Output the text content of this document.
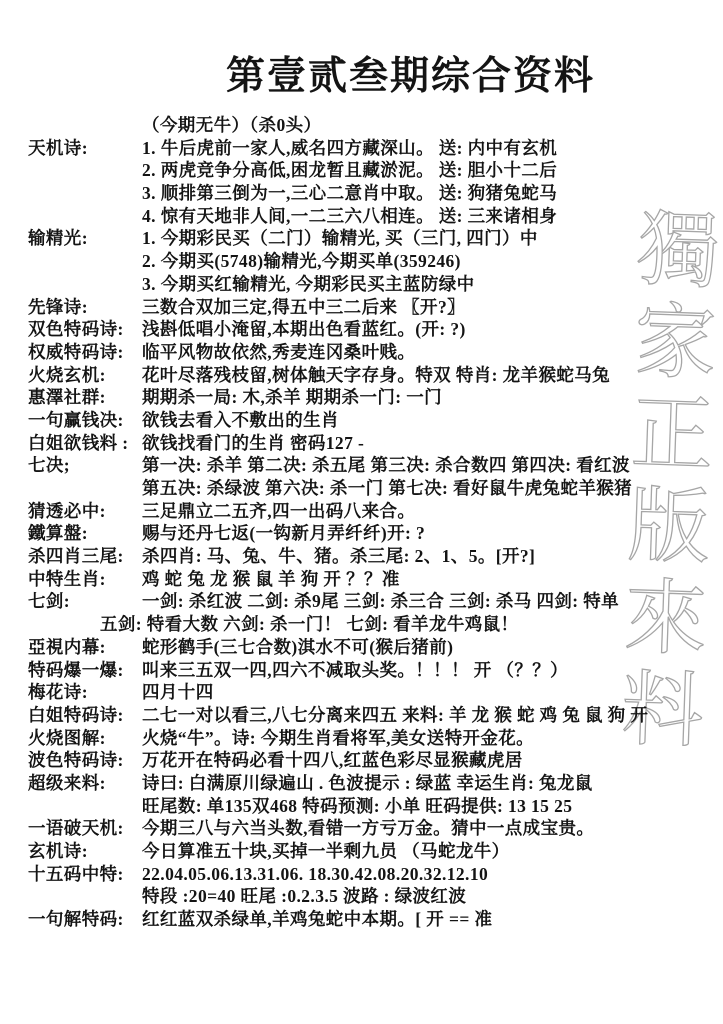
獨家正版來料
第壹贰叁期综合资料
（今期无牛）（杀0头）
天机诗:	1. 牛后虎前一家人,威名四方藏深山。 送: 内中有玄机
2. 两虎竞争分高低,困龙暂且藏淤泥。 送: 胆小十二后
3. 顺排第三倒为一,三心二意肖中取。 送: 狗猪兔蛇马
4. 惊有天地非人间,一二三六八相连。 送: 三来诸相身
输精光:	1. 今期彩民买（二门）输精光, 买（三门, 四门）中
2. 今期买(5748)输精光,今期买单(359246)
3. 今期买红输精光, 今期彩民买主蓝防绿中
先锋诗:	三数合双加三定,得五中三二后来 〖开?〗
双色特码诗:	浅斟低唱小淹留,本期出色看蓝红。(开: ?)
权威特码诗:	临平风物故依然,秀麦连冈桑叶贱。
火烧玄机:	花叶尽落残枝留,树体触天字存身。特双 特肖: 龙羊猴蛇马兔
惠澤社群:	期期杀一局: 木,杀羊 期期杀一门: 一门
一句赢钱决:	欲钱去看入不敷出的生肖
白姐欲钱料 : 欲钱找看门的生肖 密码127 -
七决;	第一决: 杀羊 第二决: 杀五尾 第三决: 杀合数四 第四决: 看红波
第五决: 杀绿波 第六决: 杀一门 第七决: 看好鼠牛虎兔蛇羊猴猪
猜透必中:	三足鼎立二五齐,四一出码八来合。
鐵算盤:	赐与还丹七返(一钩新月弄纤纤)开: ?
杀四肖三尾:	杀四肖: 马、兔、牛、猪。杀三尾: 2、1、5。[开?]
中特生肖:	鸡 蛇 兔 龙 猴 鼠 羊 狗 开 ？？准
七剑:	一剑: 杀红波 二剑: 杀9尾 三剑: 杀三合 三剑: 杀马 四剑: 特单
五剑: 特看大数 六剑: 杀一门！ 七剑: 看羊龙牛鸡鼠！
亞視内幕:	蛇形鹤手(三七合数)淇水不可(猴后猪前)
特码爆一爆:	叫来三五双一四,四六不减取头奖。！！！ 开 （？？）
梅花诗:	四月十四
白姐特码诗:	二七一对以看三,八七分离来四五 来料: 羊 龙 猴 蛇 鸡 兔 鼠 狗 开
火烧图解:	火烧“牛”。诗: 今期生肖看将军,美女送特开金花。
波色特码诗:	万花开在特码必看十四八,红蓝色彩尽显猴藏虎居
超级来料:	诗曰: 白满原川绿遍山 . 色波提示 : 绿蓝 幸运生肖: 兔龙鼠
旺尾数: 单135双468 特码预测: 小单 旺码提供: 13 15 25
一语破天机:	今期三八与六当头数,看错一方亏万金。猜中一点成宝贵。
玄机诗:	今日算准五十块,买掉一半剩九员 （马蛇龙牛）
十五码中特:	22.04.05.06.13.31.06. 18.30.42.08.20.32.12.10
特段 :20=40 旺尾 :0.2.3.5 波路 : 绿波红波
一句解特码:	红红蓝双杀绿单,羊鸡兔蛇中本期。[ 开 == 准
